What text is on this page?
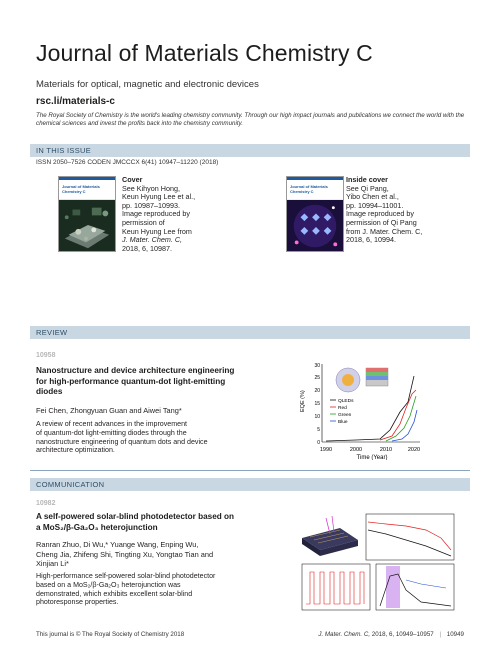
Journal of Materials Chemistry C
Materials for optical, magnetic and electronic devices
rsc.li/materials-c
The Royal Society of Chemistry is the world's leading chemistry community. Through our high impact journals and publications we connect the world with the chemical sciences and invest the profits back into the chemistry community.
IN THIS ISSUE
ISSN 2050–7526 CODEN JMCCCX 6(41) 10947–11220 (2018)
Journal of Materials Chemistry C
Cover
See Kihyon Hong,
Keun Hyung Lee et al.,
pp. 10987–10993.
Image reproduced by
permission of
Keun Hyung Lee from
J. Mater. Chem. C,
2018, 6, 10987.
Journal of Materials Chemistry C
Inside cover
See Qi Pang,
Yibo Chen et al.,
pp. 10994–11001.
Image reproduced by
permission of Qi Pang
from J. Mater. Chem. C,
2018, 6, 10994.
REVIEW
10958
Nanostructure and device architecture engineering
for high-performance quantum-dot light-emitting
diodes
Fei Chen, Zhongyuan Guan and Aiwei Tang*
A review of recent advances in the improvement
of quantum-dot light-emitting diodes through the
nanostructure engineering of quantum dots and device
architecture optimization.
EQE (%)
0
5
10
15
20
25
30
1990	2000	2010	2020
Time (Year)
QLEDs
Red
Green
Blue
COMMUNICATION
10982
A self-powered solar-blind photodetector based on
a MoS₂/β-Ga₂O₃ heterojunction
Ranran Zhuo, Di Wu,* Yuange Wang, Enping Wu,
Cheng Jia, Zhifeng Shi, Tingting Xu, Yongtao Tian and
Xinjian Li*
High-performance self-powered solar-blind photodetector
based on a MoS₂/β-Ga₂O₃ heterojunction was
demonstrated, which exhibits excellent solar-blind
photoresponse properties.
This journal is © The Royal Society of Chemistry 2018	J. Mater. Chem. C, 2018, 6, 10949–10957 | 10949
